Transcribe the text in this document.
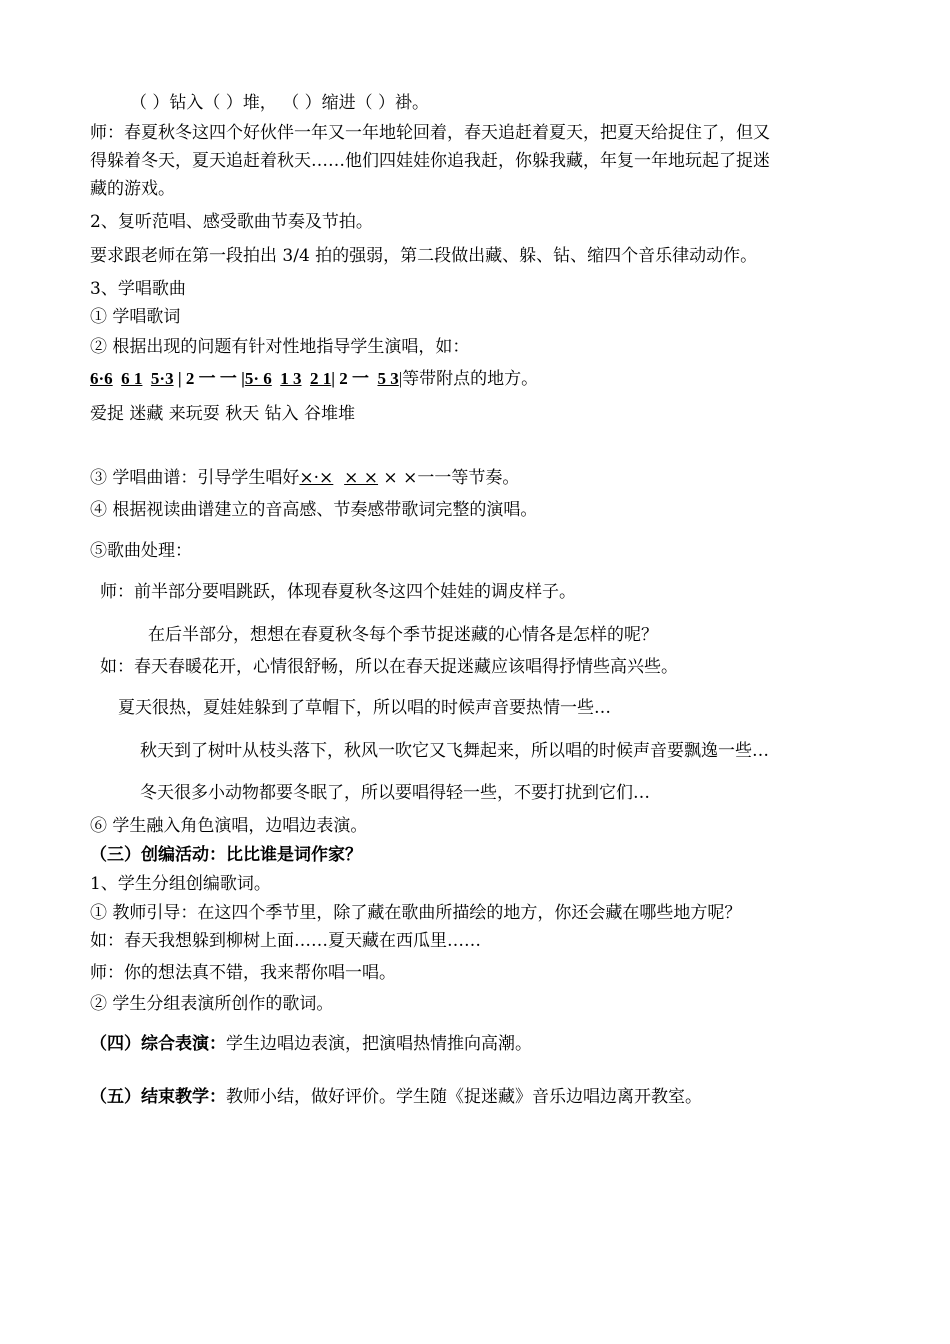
（ ）钻入（ ）堆， （ ）缩进（ ）褂。
师：春夏秋冬这四个好伙伴一年又一年地轮回着，春天追赶着夏天，把夏天给捉住了，但又
得躲着冬天，夏天追赶着秋天……他们四娃娃你追我赶，你躲我藏，年复一年地玩起了捉迷
藏的游戏。
2、复听范唱、感受歌曲节奏及节拍。
要求跟老师在第一段拍出 3/4 拍的强弱，第二段做出藏、躲、钻、缩四个音乐律动动作。
3、学唱歌曲
① 学唱歌词
② 根据出现的问题有针对性地指导学生演唱，如：
6·6 6 1 5·3 | 2 一 一 |5· 6 1 3 2 1| 2 一 5 3|等带附点的地方。
爱捉 迷藏 来玩耍 秋天 钻入 谷堆堆
③ 学唱曲谱：引导学生唱好×·× × × × ×一一等节奏。
④ 根据视读曲谱建立的音高感、节奏感带歌词完整的演唱。
⑤歌曲处理：
师：前半部分要唱跳跃，体现春夏秋冬这四个娃娃的调皮样子。
在后半部分，想想在春夏秋冬每个季节捉迷藏的心情各是怎样的呢？
如：春天春暖花开，心情很舒畅，所以在春天捉迷藏应该唱得抒情些高兴些。
夏天很热，夏娃娃躲到了草帽下，所以唱的时候声音要热情一些…
秋天到了树叶从枝头落下，秋风一吹它又飞舞起来，所以唱的时候声音要飘逸一些…
冬天很多小动物都要冬眠了，所以要唱得轻一些，不要打扰到它们…
⑥ 学生融入角色演唱，边唱边表演。
（三）创编活动：比比谁是词作家？
1、学生分组创编歌词。
① 教师引导：在这四个季节里，除了藏在歌曲所描绘的地方，你还会藏在哪些地方呢？
如：春天我想躲到柳树上面……夏天藏在西瓜里……
师：你的想法真不错，我来帮你唱一唱。
② 学生分组表演所创作的歌词。
（四）综合表演：学生边唱边表演，把演唱热情推向高潮。
（五）结束教学：教师小结，做好评价。学生随《捉迷藏》音乐边唱边离开教室。
